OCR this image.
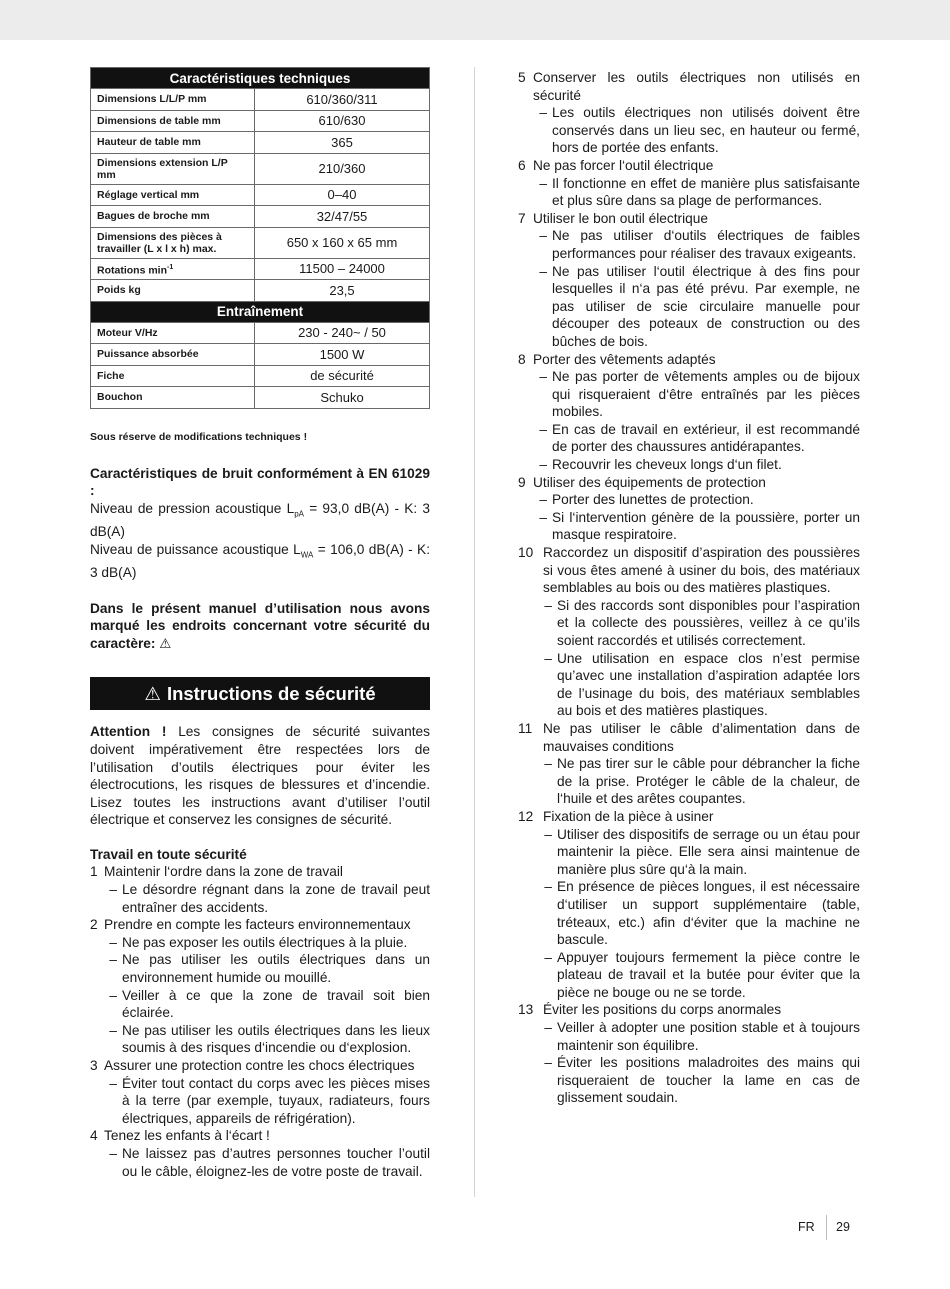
Caractéristiques techniques	
Dimensions L/L/P mm	610/360/311
Dimensions de table mm	610/630
Hauteur de table mm	365
Dimensions extension L/P mm	210/360
Réglage vertical mm	0–40
Bagues de broche mm	32/47/55
Dimensions des pièces à travailler (L x l x h) max.	650 x 160 x 65 mm
Rotations $\min^{-1}$	11500 – 24000
Poids kg	23,5
Entraînement	
Moteur V/Hz	230 - 240~ / 50
Puissance absorbée	1500 W
Fiche	de sécurité
Bouchon	Schuko
Sous réserve de modifications techniques !

Caractéristiques de bruit conformément à EN 61029 :

Niveau de pression acoustique $L_{pA} = 93,0$ dB(A) - K: 3 dB(A)

Niveau de puissance acoustique $L_{WA} = 106,0$ dB(A) - K: 3 dB(A)

Dans le présent manuel d’utilisation nous avons marqué les endroits concernant votre sécurité du caractère: ⚠

⚠ Instructions de sécurité

Attention ! Les consignes de sécurité suivantes doivent impérativement être respectées lors de l’utilisation d’outils électriques pour éviter les électrocutions, les risques de blessures et d’incendie. Lisez toutes les instructions avant d’utiliser l’outil électrique et conservez les consignes de sécurité.

Travail en toute sécurité

1 Maintenir l‘ordre dans la zone de travail
– Le désordre régnant dans la zone de travail peut entraîner des accidents.
2 Prendre en compte les facteurs environnementaux
– Ne pas exposer les outils électriques à la pluie.
– Ne pas utiliser les outils électriques dans un environnement humide ou mouillé.
– Veiller à ce que la zone de travail soit bien éclairée.
– Ne pas utiliser les outils électriques dans les lieux soumis à des risques d‘incendie ou d‘explosion.
3 Assurer une protection contre les chocs électriques
– Éviter tout contact du corps avec les pièces mises à la terre (par exemple, tuyaux, radiateurs, fours électriques, appareils de réfrigération).
4 Tenez les enfants à l‘écart !
– Ne laissez pas d’autres personnes toucher l’outil ou le câble, éloignez-les de votre poste de travail.
5 Conserver les outils électriques non utilisés en sécurité
– Les outils électriques non utilisés doivent être conservés dans un lieu sec, en hauteur ou fermé, hors de portée des enfants.
6 Ne pas forcer l‘outil électrique
– Il fonctionne en effet de manière plus satisfaisante et plus sûre dans sa plage de performances.
7 Utiliser le bon outil électrique
– Ne pas utiliser d‘outils électriques de faibles performances pour réaliser des travaux exigeants.
– Ne pas utiliser l‘outil électrique à des fins pour lesquelles il n‘a pas été prévu. Par exemple, ne pas utiliser de scie circulaire manuelle pour découper des poteaux de construction ou des bûches de bois.
8 Porter des vêtements adaptés
– Ne pas porter de vêtements amples ou de bijoux qui risqueraient d‘être entraînés par les pièces mobiles.
– En cas de travail en extérieur, il est recommandé de porter des chaussures antidérapantes.
– Recouvrir les cheveux longs d‘un filet.
9 Utiliser des équipements de protection
– Porter des lunettes de protection.
– Si l‘intervention génère de la poussière, porter un masque respiratoire.
10 Raccordez un dispositif d’aspiration des poussières si vous êtes amené à usiner du bois, des matériaux semblables au bois ou des matières plastiques.
– Si des raccords sont disponibles pour l’aspiration et la collecte des poussières, veillez à ce qu’ils soient raccordés et utilisés correctement.
– Une utilisation en espace clos n’est permise qu’avec une installation d’aspiration adaptée lors de l’usinage du bois, des matériaux semblables au bois et des matières plastiques.
11 Ne pas utiliser le câble d’alimentation dans de mauvaises conditions
– Ne pas tirer sur le câble pour débrancher la fiche de la prise. Protéger le câble de la chaleur, de l‘huile et des arêtes coupantes.
12 Fixation de la pièce à usiner
– Utiliser des dispositifs de serrage ou un étau pour maintenir la pièce. Elle sera ainsi maintenue de manière plus sûre qu‘à la main.
– En présence de pièces longues, il est nécessaire d‘utiliser un support supplémentaire (table, tréteaux, etc.) afin d‘éviter que la machine ne bascule.
– Appuyer toujours fermement la pièce contre le plateau de travail et la butée pour éviter que la pièce ne bouge ou ne se torde.
13 Éviter les positions du corps anormales
– Veiller à adopter une position stable et à toujours maintenir son équilibre.
– Éviter les positions maladroites des mains qui risqueraient de toucher la lame en cas de glissement soudain.
FR 29
